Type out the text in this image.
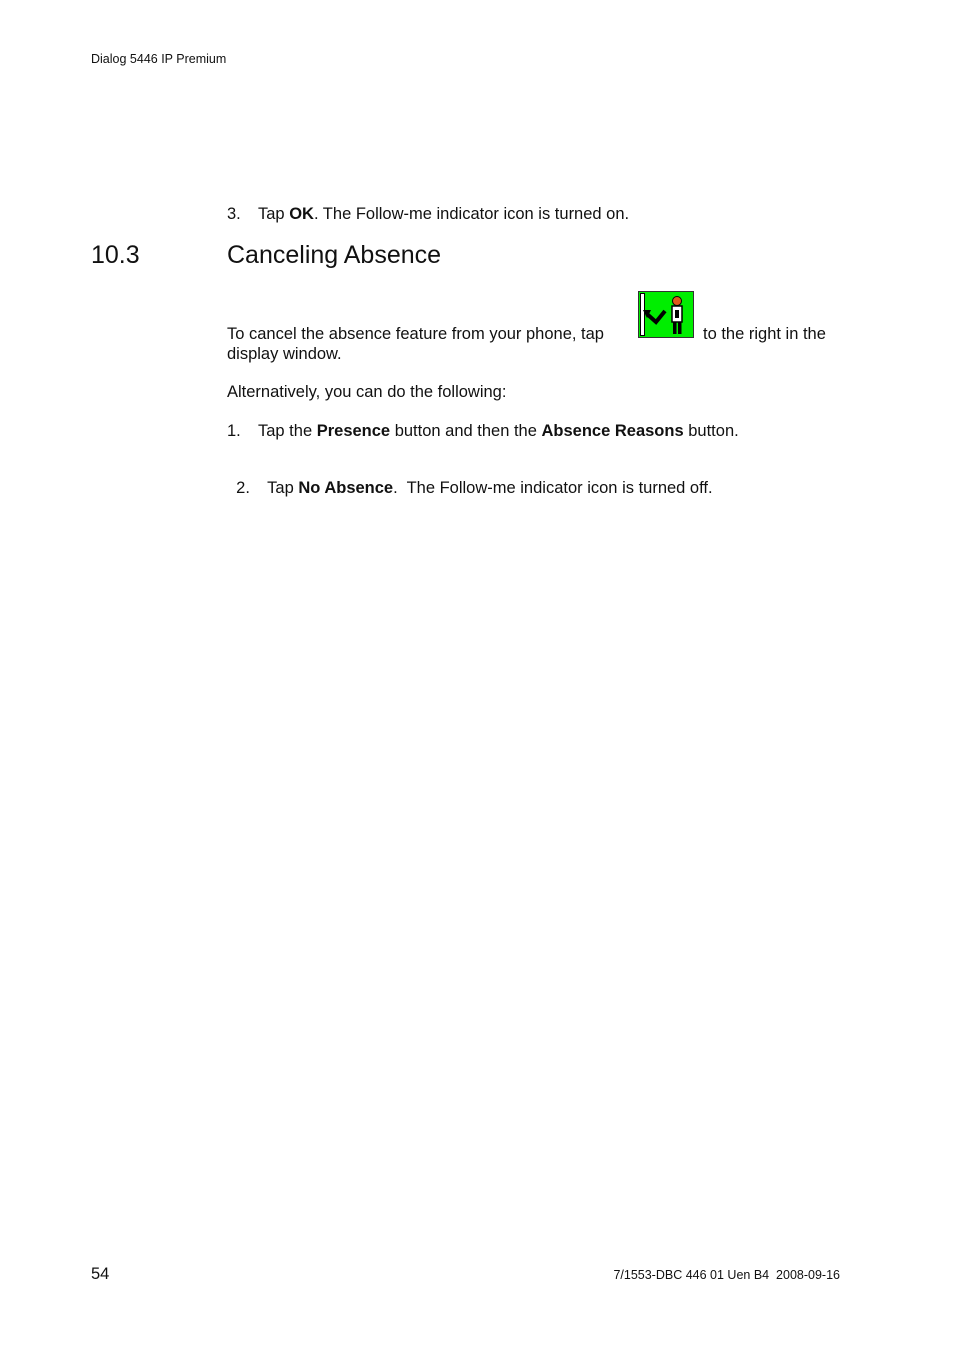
Dialog 5446 IP Premium
3. Tap OK. The Follow-me indicator icon is turned on.
10.3	Canceling Absence
To cancel the absence feature from your phone, tap	to the right in the
display window.
Alternatively, you can do the following:
1. Tap the Presence button and then the Absence Reasons button.

2. Tap No Absence.  The Follow-me indicator icon is turned off.

54	7/1553-DBC 446 01 Uen B4  2008-09-16
